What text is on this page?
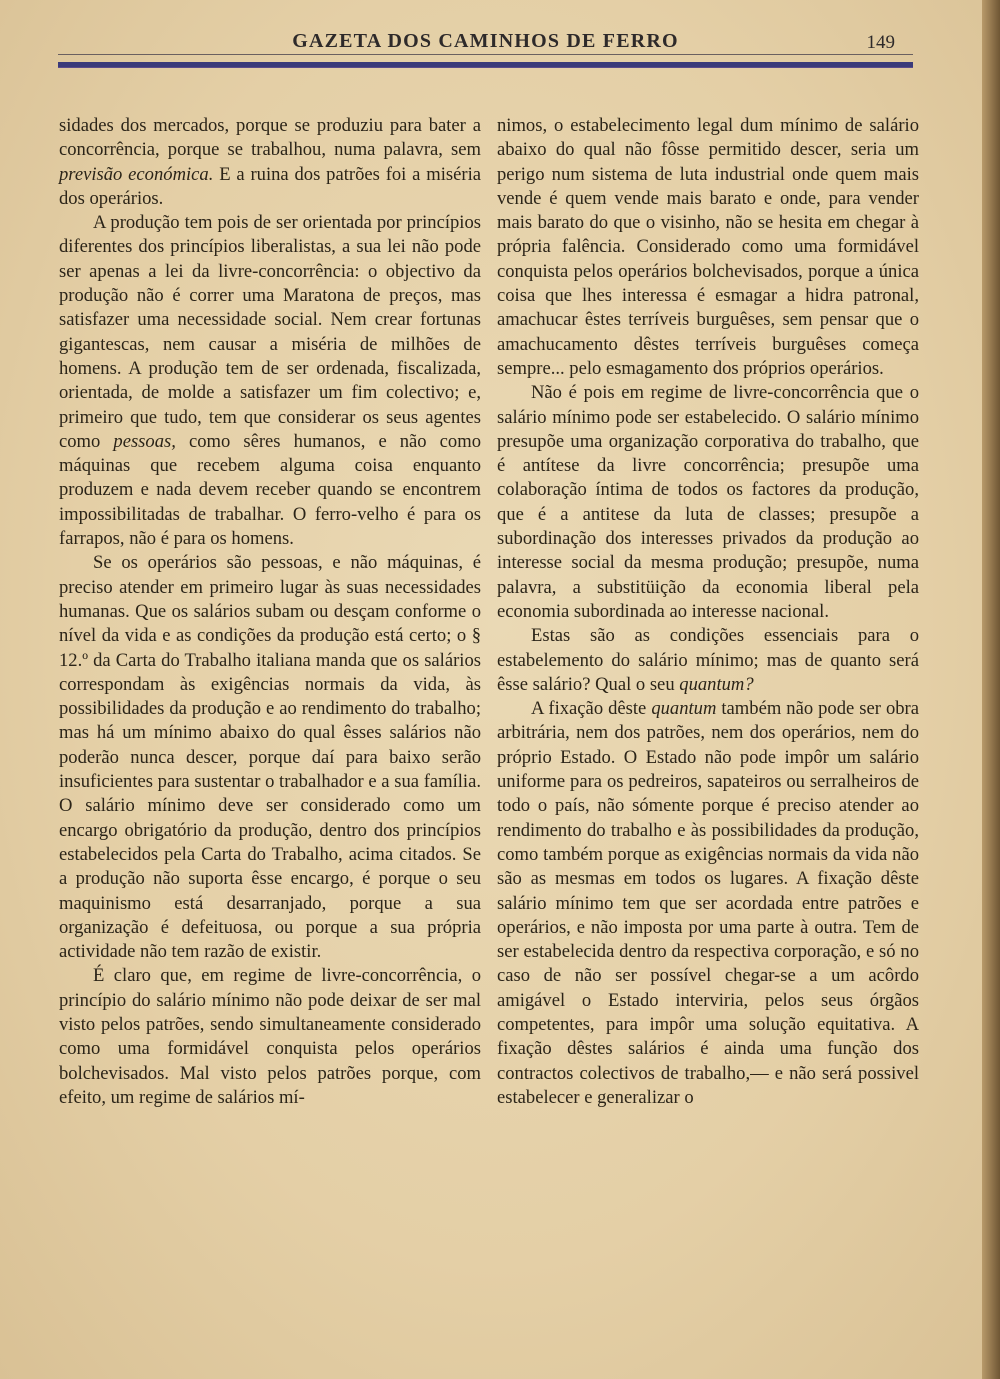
GAZETA DOS CAMINHOS DE FERRO	149

sidades dos mercados, porque se produziu para bater a concorrência, porque se trabalhou, numa palavra, sem previsão económica. E a ruina dos patrões foi a miséria dos operários.

A produção tem pois de ser orientada por princípios diferentes dos princípios liberalistas, a sua lei não pode ser apenas a lei da livre-concorrência: o objectivo da produção não é correr uma Maratona de preços, mas satisfazer uma necessidade social. Nem crear fortunas gigantescas, nem causar a miséria de milhões de homens. A produção tem de ser ordenada, fiscalizada, orientada, de molde a satisfazer um fim colectivo; e, primeiro que tudo, tem que considerar os seus agentes como pessoas, como sêres humanos, e não como máquinas que recebem alguma coisa enquanto produzem e nada devem receber quando se encontrem impossibilitadas de trabalhar. O ferro-velho é para os farrapos, não é para os homens.

Se os operários são pessoas, e não máquinas, é preciso atender em primeiro lugar às suas necessidades humanas. Que os salários subam ou desçam conforme o nível da vida e as condições da produção está certo; o § 12.º da Carta do Trabalho italiana manda que os salários correspondam às exigências normais da vida, às possibilidades da produção e ao rendimento do trabalho; mas há um mínimo abaixo do qual êsses salários não poderão nunca descer, porque daí para baixo serão insuficientes para sustentar o trabalhador e a sua família. O salário mínimo deve ser considerado como um encargo obrigatório da produção, dentro dos princípios estabelecidos pela Carta do Trabalho, acima citados. Se a produção não suporta êsse encargo, é porque o seu maquinismo está desarranjado, porque a sua organização é defeituosa, ou porque a sua própria actividade não tem razão de existir.

É claro que, em regime de livre-concorrência, o princípio do salário mínimo não pode deixar de ser mal visto pelos patrões, sendo simultaneamente considerado como uma formidável conquista pelos operários bolchevisados. Mal visto pelos patrões porque, com efeito, um regime de salários mí-

nimos, o estabelecimento legal dum mínimo de salário abaixo do qual não fôsse permitido descer, seria um perigo num sistema de luta industrial onde quem mais vende é quem vende mais barato e onde, para vender mais barato do que o visinho, não se hesita em chegar à própria falência. Considerado como uma formidável conquista pelos operários bolchevisados, porque a única coisa que lhes interessa é esmagar a hidra patronal, amachucar êstes terríveis burguêses, sem pensar que o amachucamento dêstes terríveis burguêses começa sempre... pelo esmagamento dos próprios operários.

Não é pois em regime de livre-concorrência que o salário mínimo pode ser estabelecido. O salário mínimo presupõe uma organização corporativa do trabalho, que é antítese da livre concorrência; presupõe uma colaboração íntima de todos os factores da produção, que é a antitese da luta de classes; presupõe a subordinação dos interesses privados da produção ao interesse social da mesma produção; presupõe, numa palavra, a substitüição da economia liberal pela economia subordinada ao interesse nacional.

Estas são as condições essenciais para o estabelemento do salário mínimo; mas de quanto será êsse salário? Qual o seu quantum?

A fixação dêste quantum também não pode ser obra arbitrária, nem dos patrões, nem dos operários, nem do próprio Estado. O Estado não pode impôr um salário uniforme para os pedreiros, sapateiros ou serralheiros de todo o país, não sómente porque é preciso atender ao rendimento do trabalho e às possibilidades da produção, como também porque as exigências normais da vida não são as mesmas em todos os lugares. A fixação dêste salário mínimo tem que ser acordada entre patrões e operários, e não imposta por uma parte à outra. Tem de ser estabelecida dentro da respectiva corporação, e só no caso de não ser possível chegar-se a um acôrdo amigável o Estado interviria, pelos seus órgãos competentes, para impôr uma solução equitativa. A fixação dêstes salários é ainda uma função dos contractos colectivos de trabalho,— e não será possivel estabelecer e generalizar o
